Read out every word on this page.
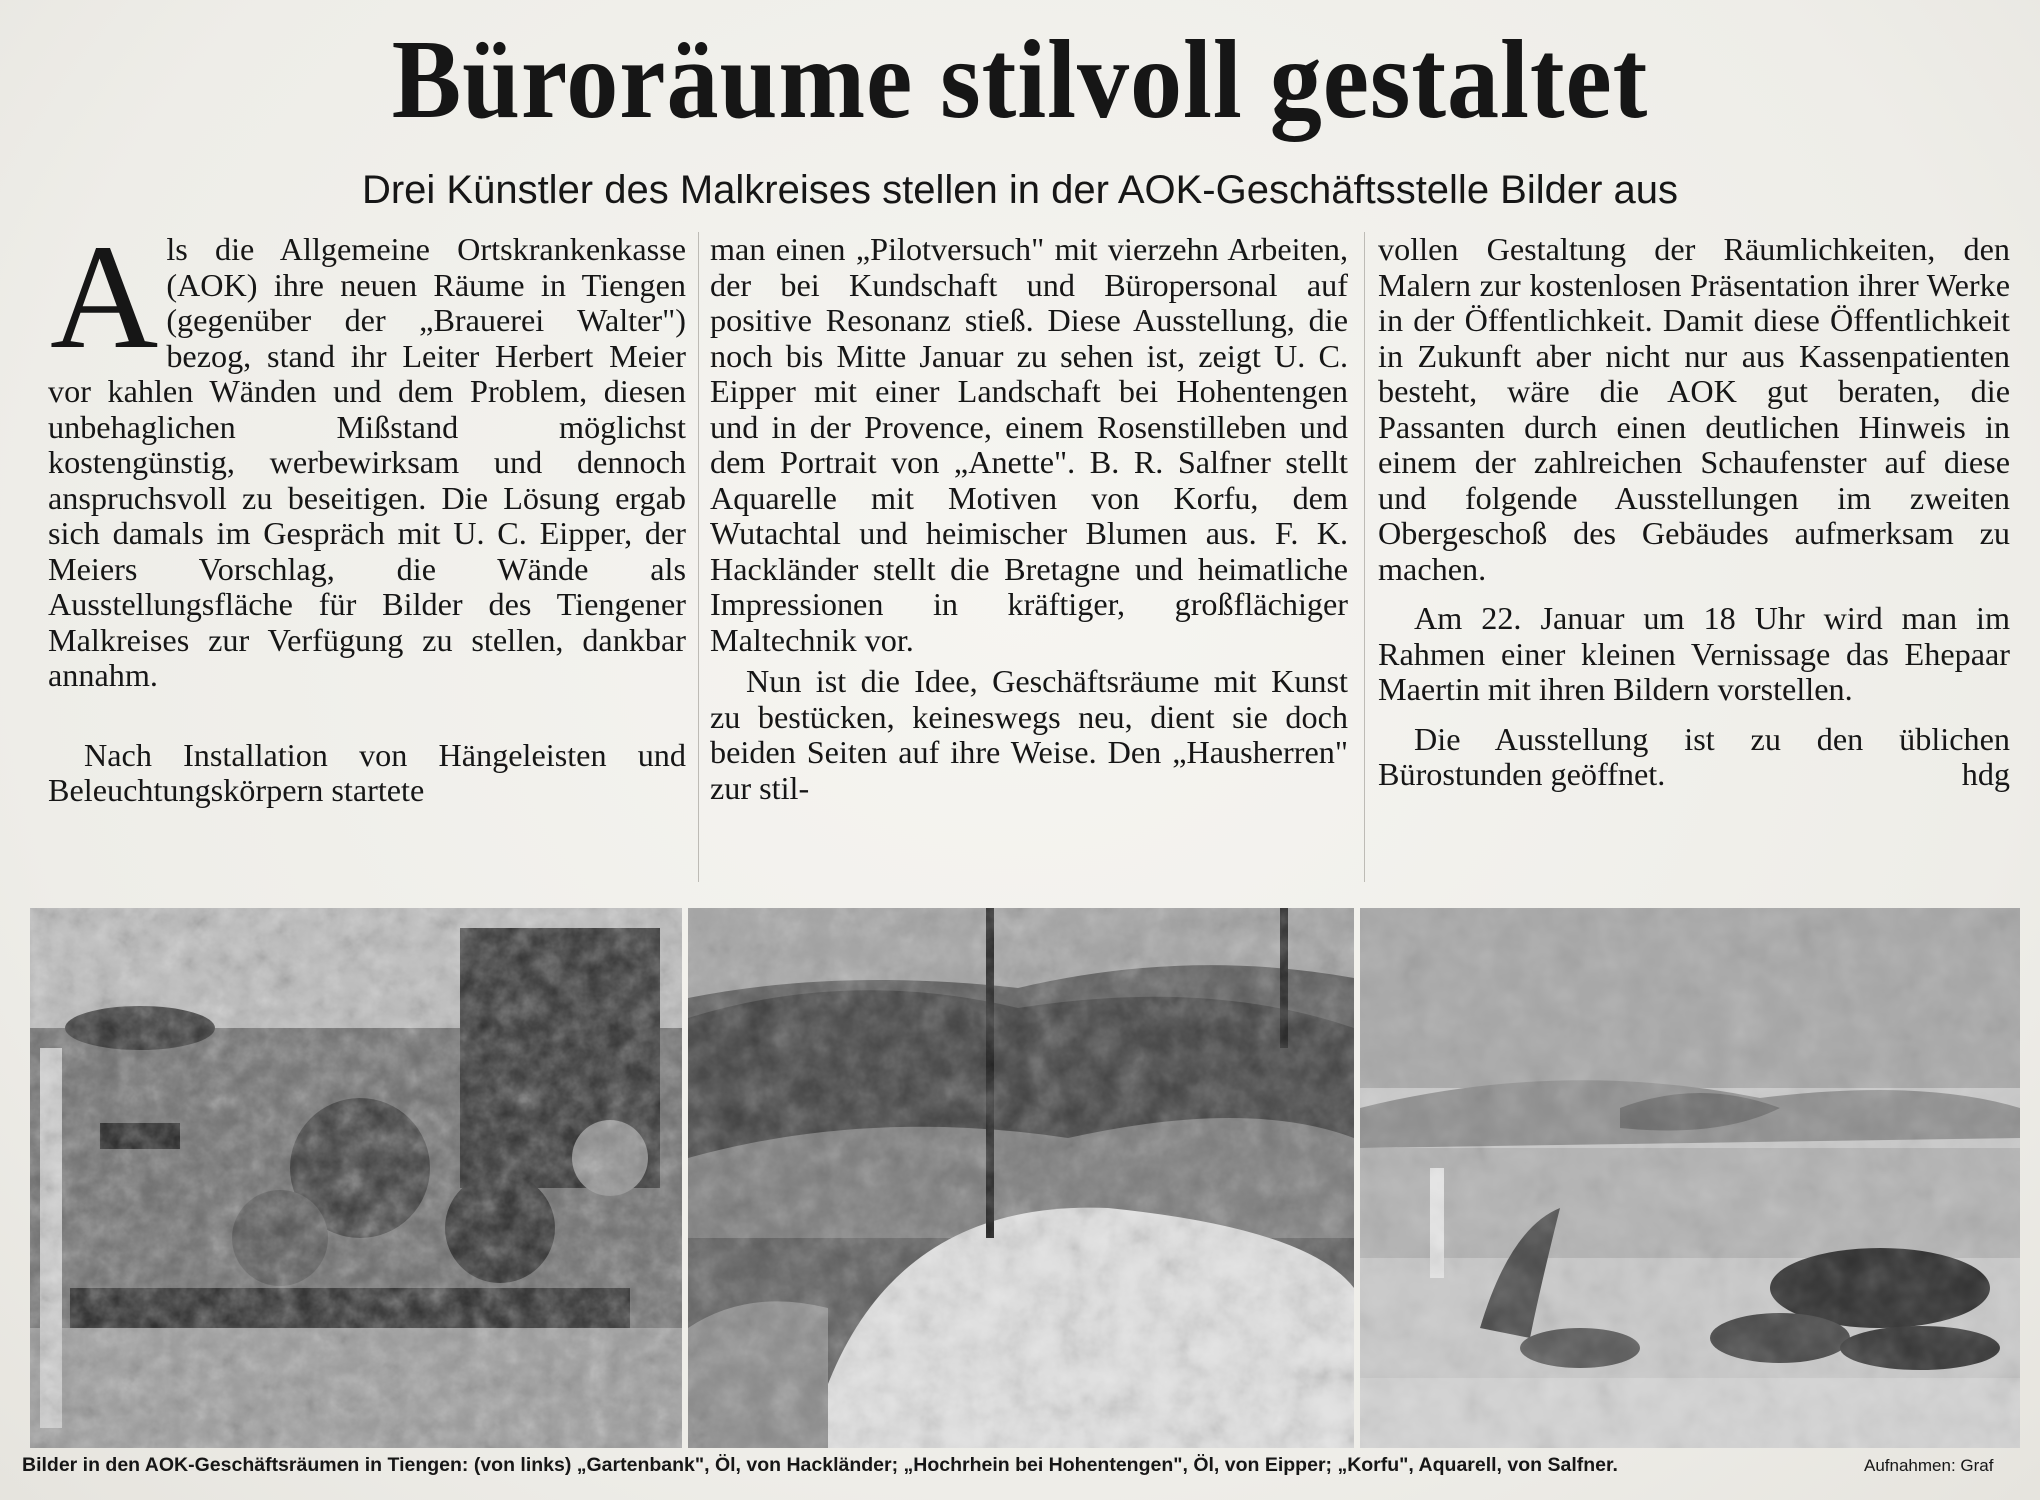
Büroräume stilvoll gestaltet
Drei Künstler des Malkreises stellen in der AOK-Geschäftsstelle Bilder aus

Als die Allgemeine Ortskrankenkasse (AOK) ihre neuen Räume in Tiengen (gegenüber der „Brauerei Walter") bezog, stand ihr Leiter Herbert Meier vor kahlen Wänden und dem Problem, diesen unbehaglichen Mißstand möglichst kostengünstig, werbewirksam und dennoch anspruchsvoll zu beseitigen. Die Lösung ergab sich damals im Gespräch mit U. C. Eipper, der Meiers Vorschlag, die Wände als Ausstellungsfläche für Bilder des Tiengener Malkreises zur Verfügung zu stellen, dankbar annahm.

Nach Installation von Hängeleisten und Beleuchtungskörpern startete

man einen „Pilotversuch" mit vierzehn Arbeiten, der bei Kundschaft und Büropersonal auf positive Resonanz stieß. Diese Ausstellung, die noch bis Mitte Januar zu sehen ist, zeigt U. C. Eipper mit einer Landschaft bei Hohentengen und in der Provence, einem Rosenstilleben und dem Portrait von „Anette". B. R. Salfner stellt Aquarelle mit Motiven von Korfu, dem Wutachtal und heimischer Blumen aus. F. K. Hackländer stellt die Bretagne und heimatliche Impressionen in kräftiger, großflächiger Maltechnik vor.

Nun ist die Idee, Geschäftsräume mit Kunst zu bestücken, keineswegs neu, dient sie doch beiden Seiten auf ihre Weise. Den „Hausherren" zur stil-

vollen Gestaltung der Räumlichkeiten, den Malern zur kostenlosen Präsentation ihrer Werke in der Öffentlichkeit. Damit diese Öffentlichkeit in Zukunft aber nicht nur aus Kassenpatienten besteht, wäre die AOK gut beraten, die Passanten durch einen deutlichen Hinweis in einem der zahlreichen Schaufenster auf diese und folgende Ausstellungen im zweiten Obergeschoß des Gebäudes aufmerksam zu machen.

Am 22. Januar um 18 Uhr wird man im Rahmen einer kleinen Vernissage das Ehepaar Maertin mit ihren Bildern vorstellen.

Die Ausstellung ist zu den üblichen Bürostunden geöffnet.	hdg

Bilder in den AOK-Geschäftsräumen in Tiengen: (von links) „Gartenbank", Öl, von Hackländer; „Hochrhein bei Hohentengen", Öl, von Eipper; „Korfu", Aquarell, von Salfner.	Aufnahmen: Graf
